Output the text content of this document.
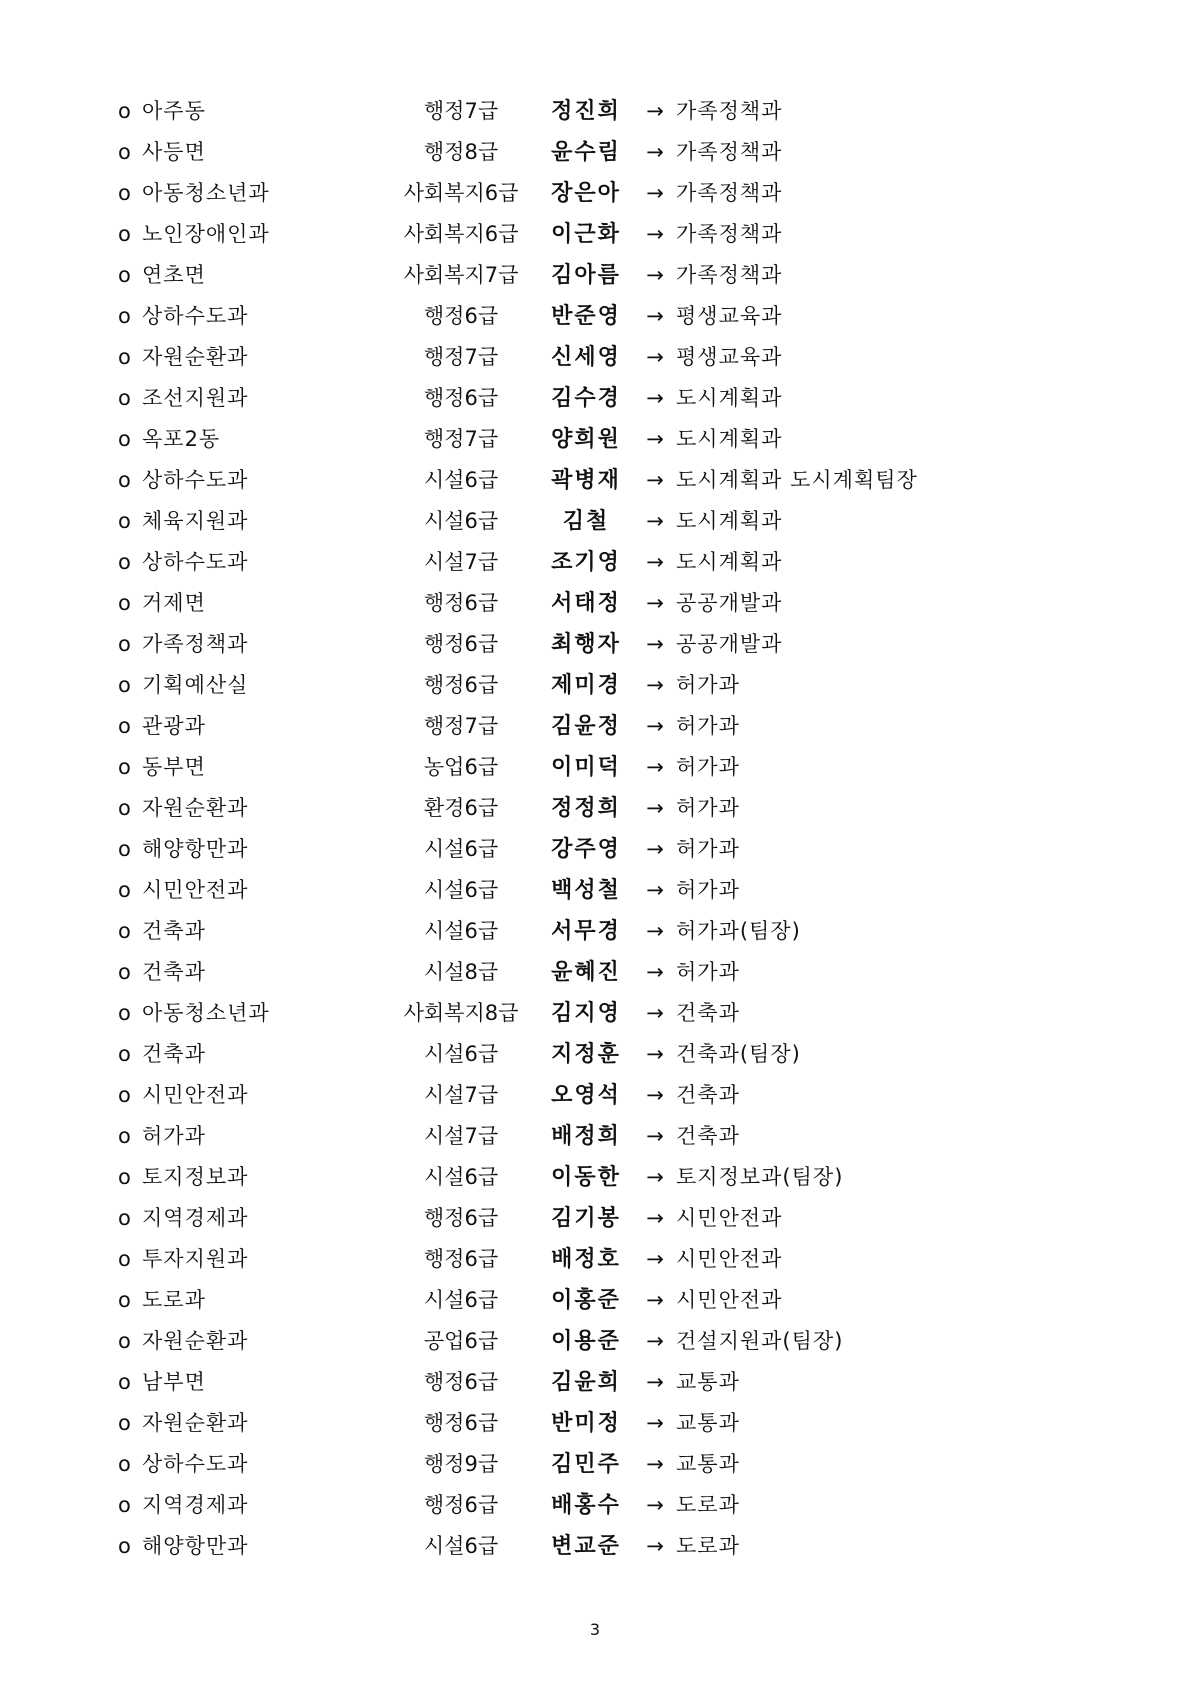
o 아주동	행정7급	정진희	→ 가족정책과
o 사등면	행정8급	윤수림	→ 가족정책과
o 아동청소년과	사회복지6급	장은아	→ 가족정책과
o 노인장애인과	사회복지6급	이근화	→ 가족정책과
o 연초면	사회복지7급	김아름	→ 가족정책과
o 상하수도과	행정6급	반준영	→ 평생교육과
o 자원순환과	행정7급	신세영	→ 평생교육과
o 조선지원과	행정6급	김수경	→ 도시계획과
o 옥포2동	행정7급	양희원	→ 도시계획과
o 상하수도과	시설6급	곽병재	→ 도시계획과 도시계획팀장
o 체육지원과	시설6급	김철	→ 도시계획과
o 상하수도과	시설7급	조기영	→ 도시계획과
o 거제면	행정6급	서태정	→ 공공개발과
o 가족정책과	행정6급	최행자	→ 공공개발과
o 기획예산실	행정6급	제미경	→ 허가과
o 관광과	행정7급	김윤정	→ 허가과
o 동부면	농업6급	이미덕	→ 허가과
o 자원순환과	환경6급	정정희	→ 허가과
o 해양항만과	시설6급	강주영	→ 허가과
o 시민안전과	시설6급	백성철	→ 허가과
o 건축과	시설6급	서무경	→ 허가과(팀장)
o 건축과	시설8급	윤혜진	→ 허가과
o 아동청소년과	사회복지8급	김지영	→ 건축과
o 건축과	시설6급	지정훈	→ 건축과(팀장)
o 시민안전과	시설7급	오영석	→ 건축과
o 허가과	시설7급	배정희	→ 건축과
o 토지정보과	시설6급	이동한	→ 토지정보과(팀장)
o 지역경제과	행정6급	김기봉	→ 시민안전과
o 투자지원과	행정6급	배정호	→ 시민안전과
o 도로과	시설6급	이홍준	→ 시민안전과
o 자원순환과	공업6급	이용준	→ 건설지원과(팀장)
o 남부면	행정6급	김윤희	→ 교통과
o 자원순환과	행정6급	반미정	→ 교통과
o 상하수도과	행정9급	김민주	→ 교통과
o 지역경제과	행정6급	배홍수	→ 도로과
o 해양항만과	시설6급	변교준	→ 도로과
3
